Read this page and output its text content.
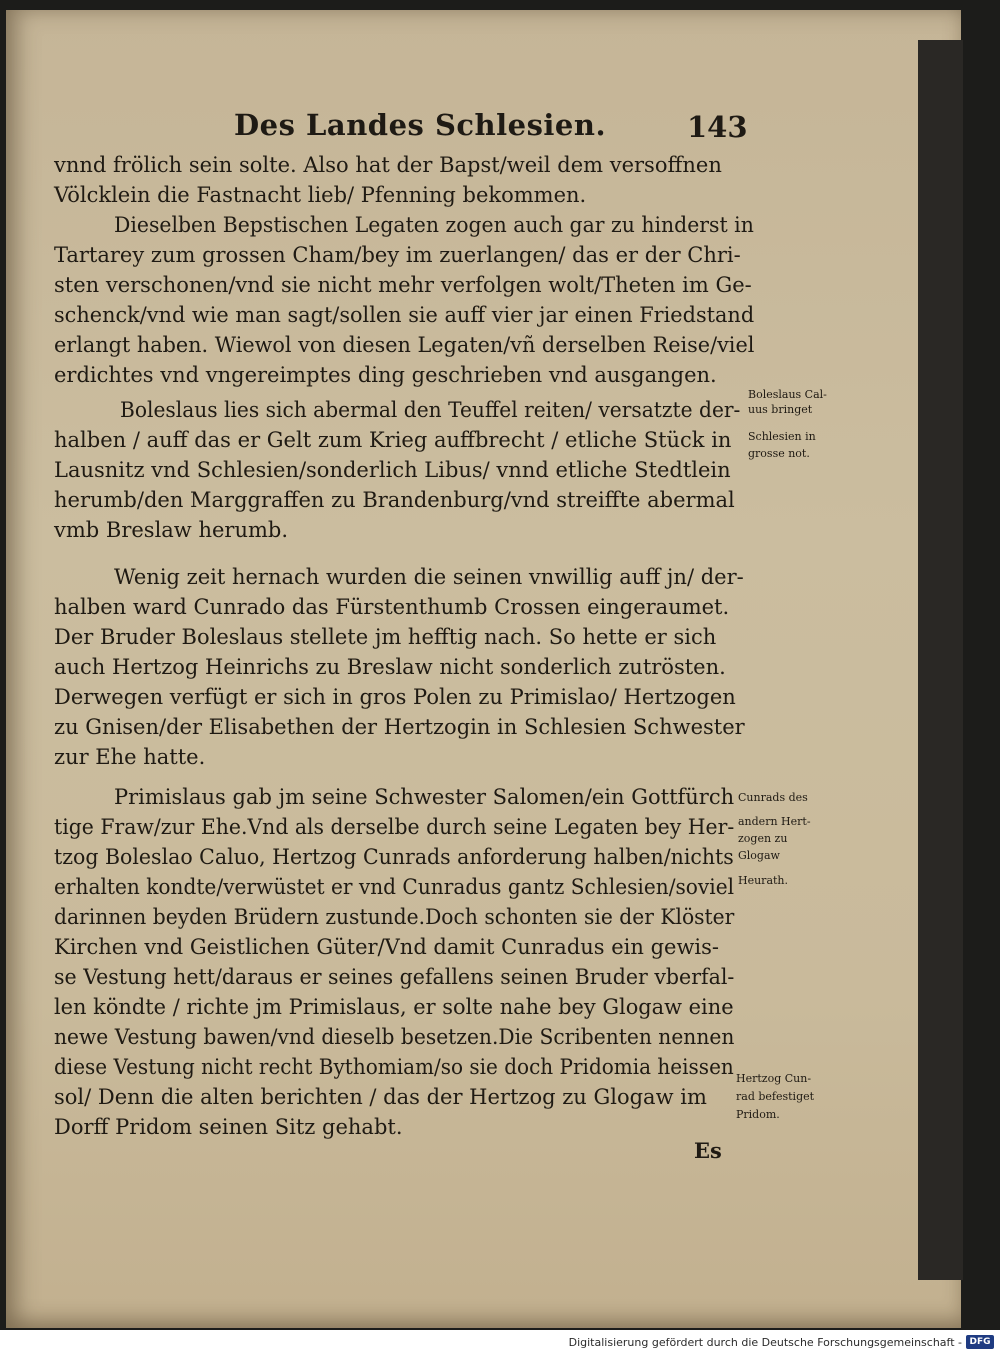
Des Landes Schlesien.	143
vnnd frölich sein solte. Also hat der Bapst/weil dem versoffnen
Völcklein die Fastnacht lieb/ Pfenning bekommen.
Dieselben Bepstischen Legaten zogen auch gar zu hinderst in
Tartarey zum grossen Cham/bey im zuerlangen/ das er der Chri-
sten verschonen/vnd sie nicht mehr verfolgen wolt/Theten im Ge-
schenck/vnd wie man sagt/sollen sie auff vier jar einen Friedstand
erlangt haben. Wiewol von diesen Legaten/vñ derselben Reise/viel
erdichtes vnd vngereimptes ding geschrieben vnd ausgangen.
Boleslaus lies sich abermal den Teuffel reiten/ versatzte der-
halben / auff das er Gelt zum Krieg auffbrecht / etliche Stück in
Lausnitz vnd Schlesien/sonderlich Libus/ vnnd etliche Stedtlein
herumb/den Marggraffen zu Brandenburg/vnd streiffte abermal
vmb Breslaw herumb.
Wenig zeit hernach wurden die seinen vnwillig auff jn/ der-
halben ward Cunrado das Fürstenthumb Crossen eingeraumet.
Der Bruder Boleslaus stellete jm hefftig nach. So hette er sich
auch Hertzog Heinrichs zu Breslaw nicht sonderlich zutrösten.
Derwegen verfügt er sich in gros Polen zu Primislao/ Hertzogen
zu Gnisen/der Elisabethen der Hertzogin in Schlesien Schwester
zur Ehe hatte.
Primislaus gab jm seine Schwester Salomen/ein Gottfürch
tige Fraw/zur Ehe.Vnd als derselbe durch seine Legaten bey Her-
tzog Boleslao Caluo, Hertzog Cunrads anforderung halben/nichts
erhalten kondte/verwüstet er vnd Cunradus gantz Schlesien/soviel
darinnen beyden Brüdern zustunde.Doch schonten sie der Klöster
Kirchen vnd Geistlichen Güter/Vnd damit Cunradus ein gewis-
se Vestung hett/daraus er seines gefallens seinen Bruder vberfal-
len köndte / richte jm Primislaus, er solte nahe bey Glogaw eine
newe Vestung bawen/vnd dieselb besetzen.Die Scribenten nennen
diese Vestung nicht recht Bythomiam/so sie doch Pridomia heissen
sol/ Denn die alten berichten / das der Hertzog zu Glogaw im
Dorff Pridom seinen Sitz gehabt.
Es
Boleslaus Cal-
uus bringet
Schlesien in
grosse not.
Cunrads des
andern Hert-
zogen zu
Glogaw
Heurath.
Hertzog Cun-
rad befestiget
Pridom.
Digitalisierung gefördert durch die Deutsche Forschungsgemeinschaft - DFG
